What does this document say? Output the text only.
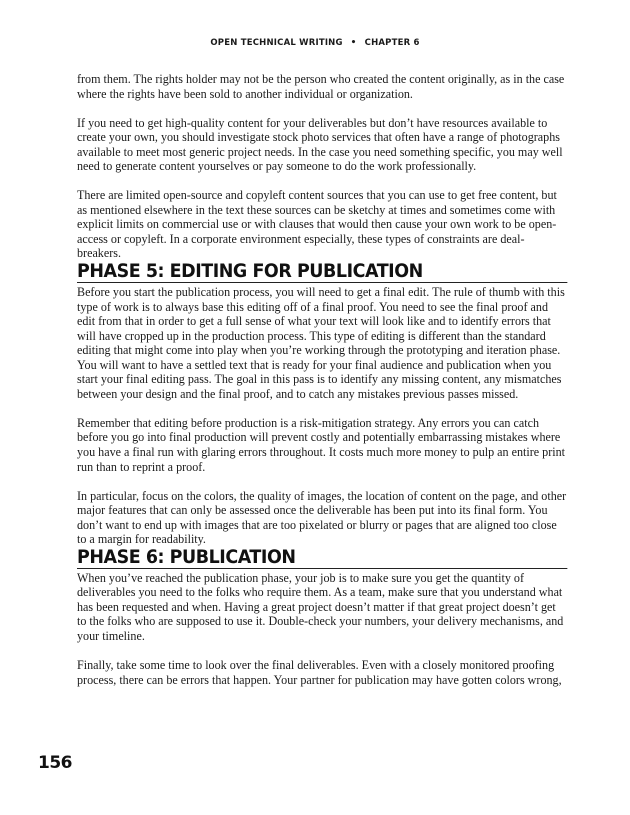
OPEN TECHNICAL WRITING • CHAPTER 6

from them. The rights holder may not be the person who created the content originally, as in the case where the rights have been sold to another individual or organization.

If you need to get high-quality content for your deliverables but don’t have resources available to create your own, you should investigate stock photo services that often have a range of photographs available to meet most generic project needs. In the case you need something specific, you may well need to generate content yourselves or pay someone to do the work professionally.

There are limited open-source and copyleft content sources that you can use to get free content, but as mentioned elsewhere in the text these sources can be sketchy at times and sometimes come with explicit limits on commercial use or with clauses that would then cause your own work to be open-access or copyleft. In a corporate environment especially, these types of constraints are deal-breakers.

PHASE 5: EDITING FOR PUBLICATION

Before you start the publication process, you will need to get a final edit. The rule of thumb with this type of work is to always base this editing off of a final proof. You need to see the final proof and edit from that in order to get a full sense of what your text will look like and to identify errors that will have cropped up in the production process. This type of editing is different than the standard editing that might come into play when you’re working through the prototyping and iteration phase. You will want to have a settled text that is ready for your final audience and publication when you start your final editing pass. The goal in this pass is to identify any missing content, any mismatches between your design and the final proof, and to catch any mistakes previous passes missed.

Remember that editing before production is a risk-mitigation strategy. Any errors you can catch before you go into final production will prevent costly and potentially embarrassing mistakes where you have a final run with glaring errors throughout. It costs much more money to pulp an entire print run than to reprint a proof.

In particular, focus on the colors, the quality of images, the location of content on the page, and other major features that can only be assessed once the deliverable has been put into its final form. You don’t want to end up with images that are too pixelated or blurry or pages that are aligned too close to a margin for readability.

PHASE 6: PUBLICATION

When you’ve reached the publication phase, your job is to make sure you get the quantity of deliverables you need to the folks who require them. As a team, make sure that you understand what has been requested and when. Having a great project doesn’t matter if that great project doesn’t get to the folks who are supposed to use it. Double-check your numbers, your delivery mechanisms, and your timeline.

Finally, take some time to look over the final deliverables. Even with a closely monitored proofing process, there can be errors that happen. Your partner for publication may have gotten colors wrong,

156
